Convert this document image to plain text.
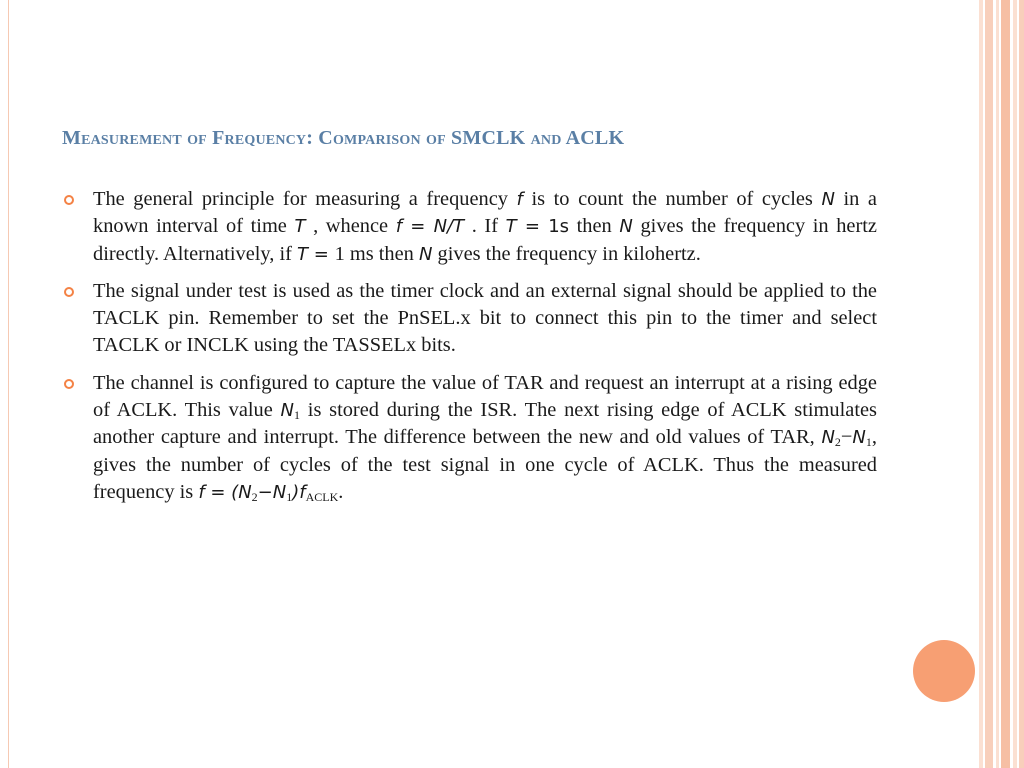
Measurement of Frequency: Comparison of SMCLK and ACLK
The general principle for measuring a frequency f is to count the number of cycles N in a known interval of time T , whence f = N/T . If T = 1s then N gives the frequency in hertz directly. Alternatively, if T = 1 ms then N gives the frequency in kilohertz.
The signal under test is used as the timer clock and an external signal should be applied to the TACLK pin. Remember to set the PnSEL.x bit to connect this pin to the timer and select TACLK or INCLK using the TASSELx bits.
The channel is configured to capture the value of TAR and request an interrupt at a rising edge of ACLK. This value $N_1$ is stored during the ISR. The next rising edge of ACLK stimulates another capture and interrupt. The difference between the new and old values of TAR, $N_2-N_1$, gives the number of cycles of the test signal in one cycle of ACLK. Thus the measured frequency is $f = (N_2-N_1)f_{ACLK}$.
